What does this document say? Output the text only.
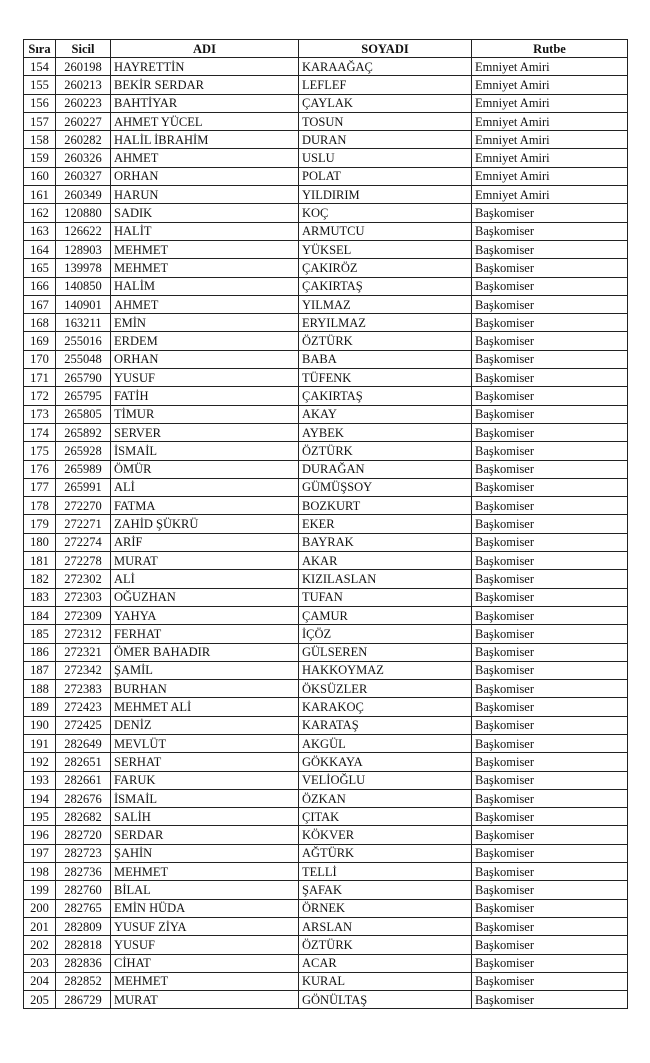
Sıra	Sicil	ADI	SOYADI	Rutbe
154	260198	HAYRETTİN	KARAAĞAÇ	Emniyet Amiri
155	260213	BEKİR SERDAR	LEFLEF	Emniyet Amiri
156	260223	BAHTİYAR	ÇAYLAK	Emniyet Amiri
157	260227	AHMET YÜCEL	TOSUN	Emniyet Amiri
158	260282	HALİL İBRAHİM	DURAN	Emniyet Amiri
159	260326	AHMET	USLU	Emniyet Amiri
160	260327	ORHAN	POLAT	Emniyet Amiri
161	260349	HARUN	YILDIRIM	Emniyet Amiri
162	120880	SADIK	KOÇ	Başkomiser
163	126622	HALİT	ARMUTCU	Başkomiser
164	128903	MEHMET	YÜKSEL	Başkomiser
165	139978	MEHMET	ÇAKIRÖZ	Başkomiser
166	140850	HALİM	ÇAKIRTAŞ	Başkomiser
167	140901	AHMET	YILMAZ	Başkomiser
168	163211	EMİN	ERYILMAZ	Başkomiser
169	255016	ERDEM	ÖZTÜRK	Başkomiser
170	255048	ORHAN	BABA	Başkomiser
171	265790	YUSUF	TÜFENK	Başkomiser
172	265795	FATİH	ÇAKIRTAŞ	Başkomiser
173	265805	TİMUR	AKAY	Başkomiser
174	265892	SERVER	AYBEK	Başkomiser
175	265928	İSMAİL	ÖZTÜRK	Başkomiser
176	265989	ÖMÜR	DURAĞAN	Başkomiser
177	265991	ALİ	GÜMÜŞSOY	Başkomiser
178	272270	FATMA	BOZKURT	Başkomiser
179	272271	ZAHİD ŞÜKRÜ	EKER	Başkomiser
180	272274	ARİF	BAYRAK	Başkomiser
181	272278	MURAT	AKAR	Başkomiser
182	272302	ALİ	KIZILASLAN	Başkomiser
183	272303	OĞUZHAN	TUFAN	Başkomiser
184	272309	YAHYA	ÇAMUR	Başkomiser
185	272312	FERHAT	İÇÖZ	Başkomiser
186	272321	ÖMER BAHADIR	GÜLSEREN	Başkomiser
187	272342	ŞAMİL	HAKKOYMAZ	Başkomiser
188	272383	BURHAN	ÖKSÜZLER	Başkomiser
189	272423	MEHMET ALİ	KARAKOÇ	Başkomiser
190	272425	DENİZ	KARATAŞ	Başkomiser
191	282649	MEVLÜT	AKGÜL	Başkomiser
192	282651	SERHAT	GÖKKAYA	Başkomiser
193	282661	FARUK	VELİOĞLU	Başkomiser
194	282676	İSMAİL	ÖZKAN	Başkomiser
195	282682	SALİH	ÇITAK	Başkomiser
196	282720	SERDAR	KÖKVER	Başkomiser
197	282723	ŞAHİN	AĞTÜRK	Başkomiser
198	282736	MEHMET	TELLİ	Başkomiser
199	282760	BİLAL	ŞAFAK	Başkomiser
200	282765	EMİN HÜDA	ÖRNEK	Başkomiser
201	282809	YUSUF ZİYA	ARSLAN	Başkomiser
202	282818	YUSUF	ÖZTÜRK	Başkomiser
203	282836	CİHAT	ACAR	Başkomiser
204	282852	MEHMET	KURAL	Başkomiser
205	286729	MURAT	GÖNÜLTAŞ	Başkomiser
